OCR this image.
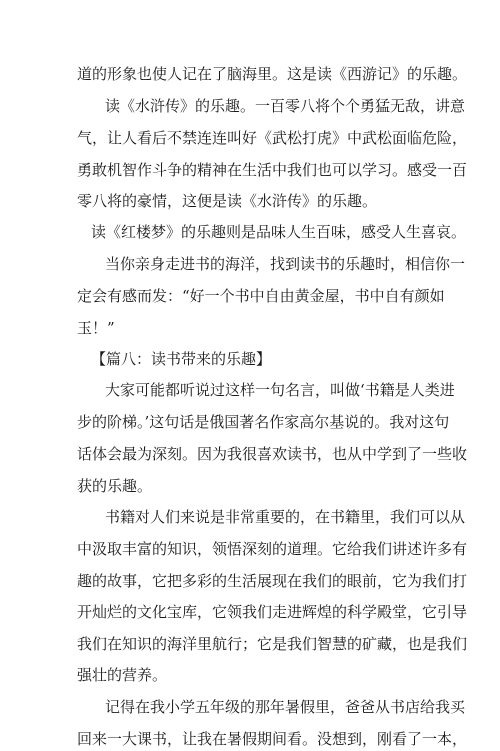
道的形象也使人记在了脑海里。这是读《西游记》的乐趣。
读《水浒传》的乐趣。一百零八将个个勇猛无敌，讲意
气，让人看后不禁连连叫好《武松打虎》中武松面临危险，
勇敢机智作斗争的精神在生活中我们也可以学习。感受一百
零八将的豪情，这便是读《水浒传》的乐趣。
读《红楼梦》的乐趣则是品味人生百味，感受人生喜哀。
当你亲身走进书的海洋，找到读书的乐趣时，相信你一
定会有感而发：“好一个书中自由黄金屋，书中自有颜如
玉！”
【篇八：读书带来的乐趣】
大家可能都听说过这样一句名言，叫做‘书籍是人类进
步的阶梯。’这句话是俄国著名作家高尔基说的。我对这句
话体会最为深刻。因为我很喜欢读书，也从中学到了一些收
获的乐趣。
书籍对人们来说是非常重要的，在书籍里，我们可以从
中汲取丰富的知识，领悟深刻的道理。它给我们讲述许多有
趣的故事，它把多彩的生活展现在我们的眼前，它为我们打
开灿烂的文化宝库，它领我们走进辉煌的科学殿堂，它引导
我们在知识的海洋里航行；它是我们智慧的矿藏，也是我们
强壮的营养。
记得在我小学五年级的那年暑假里，爸爸从书店给我买
回来一大课书，让我在暑假期间看。没想到，刚看了一本，
